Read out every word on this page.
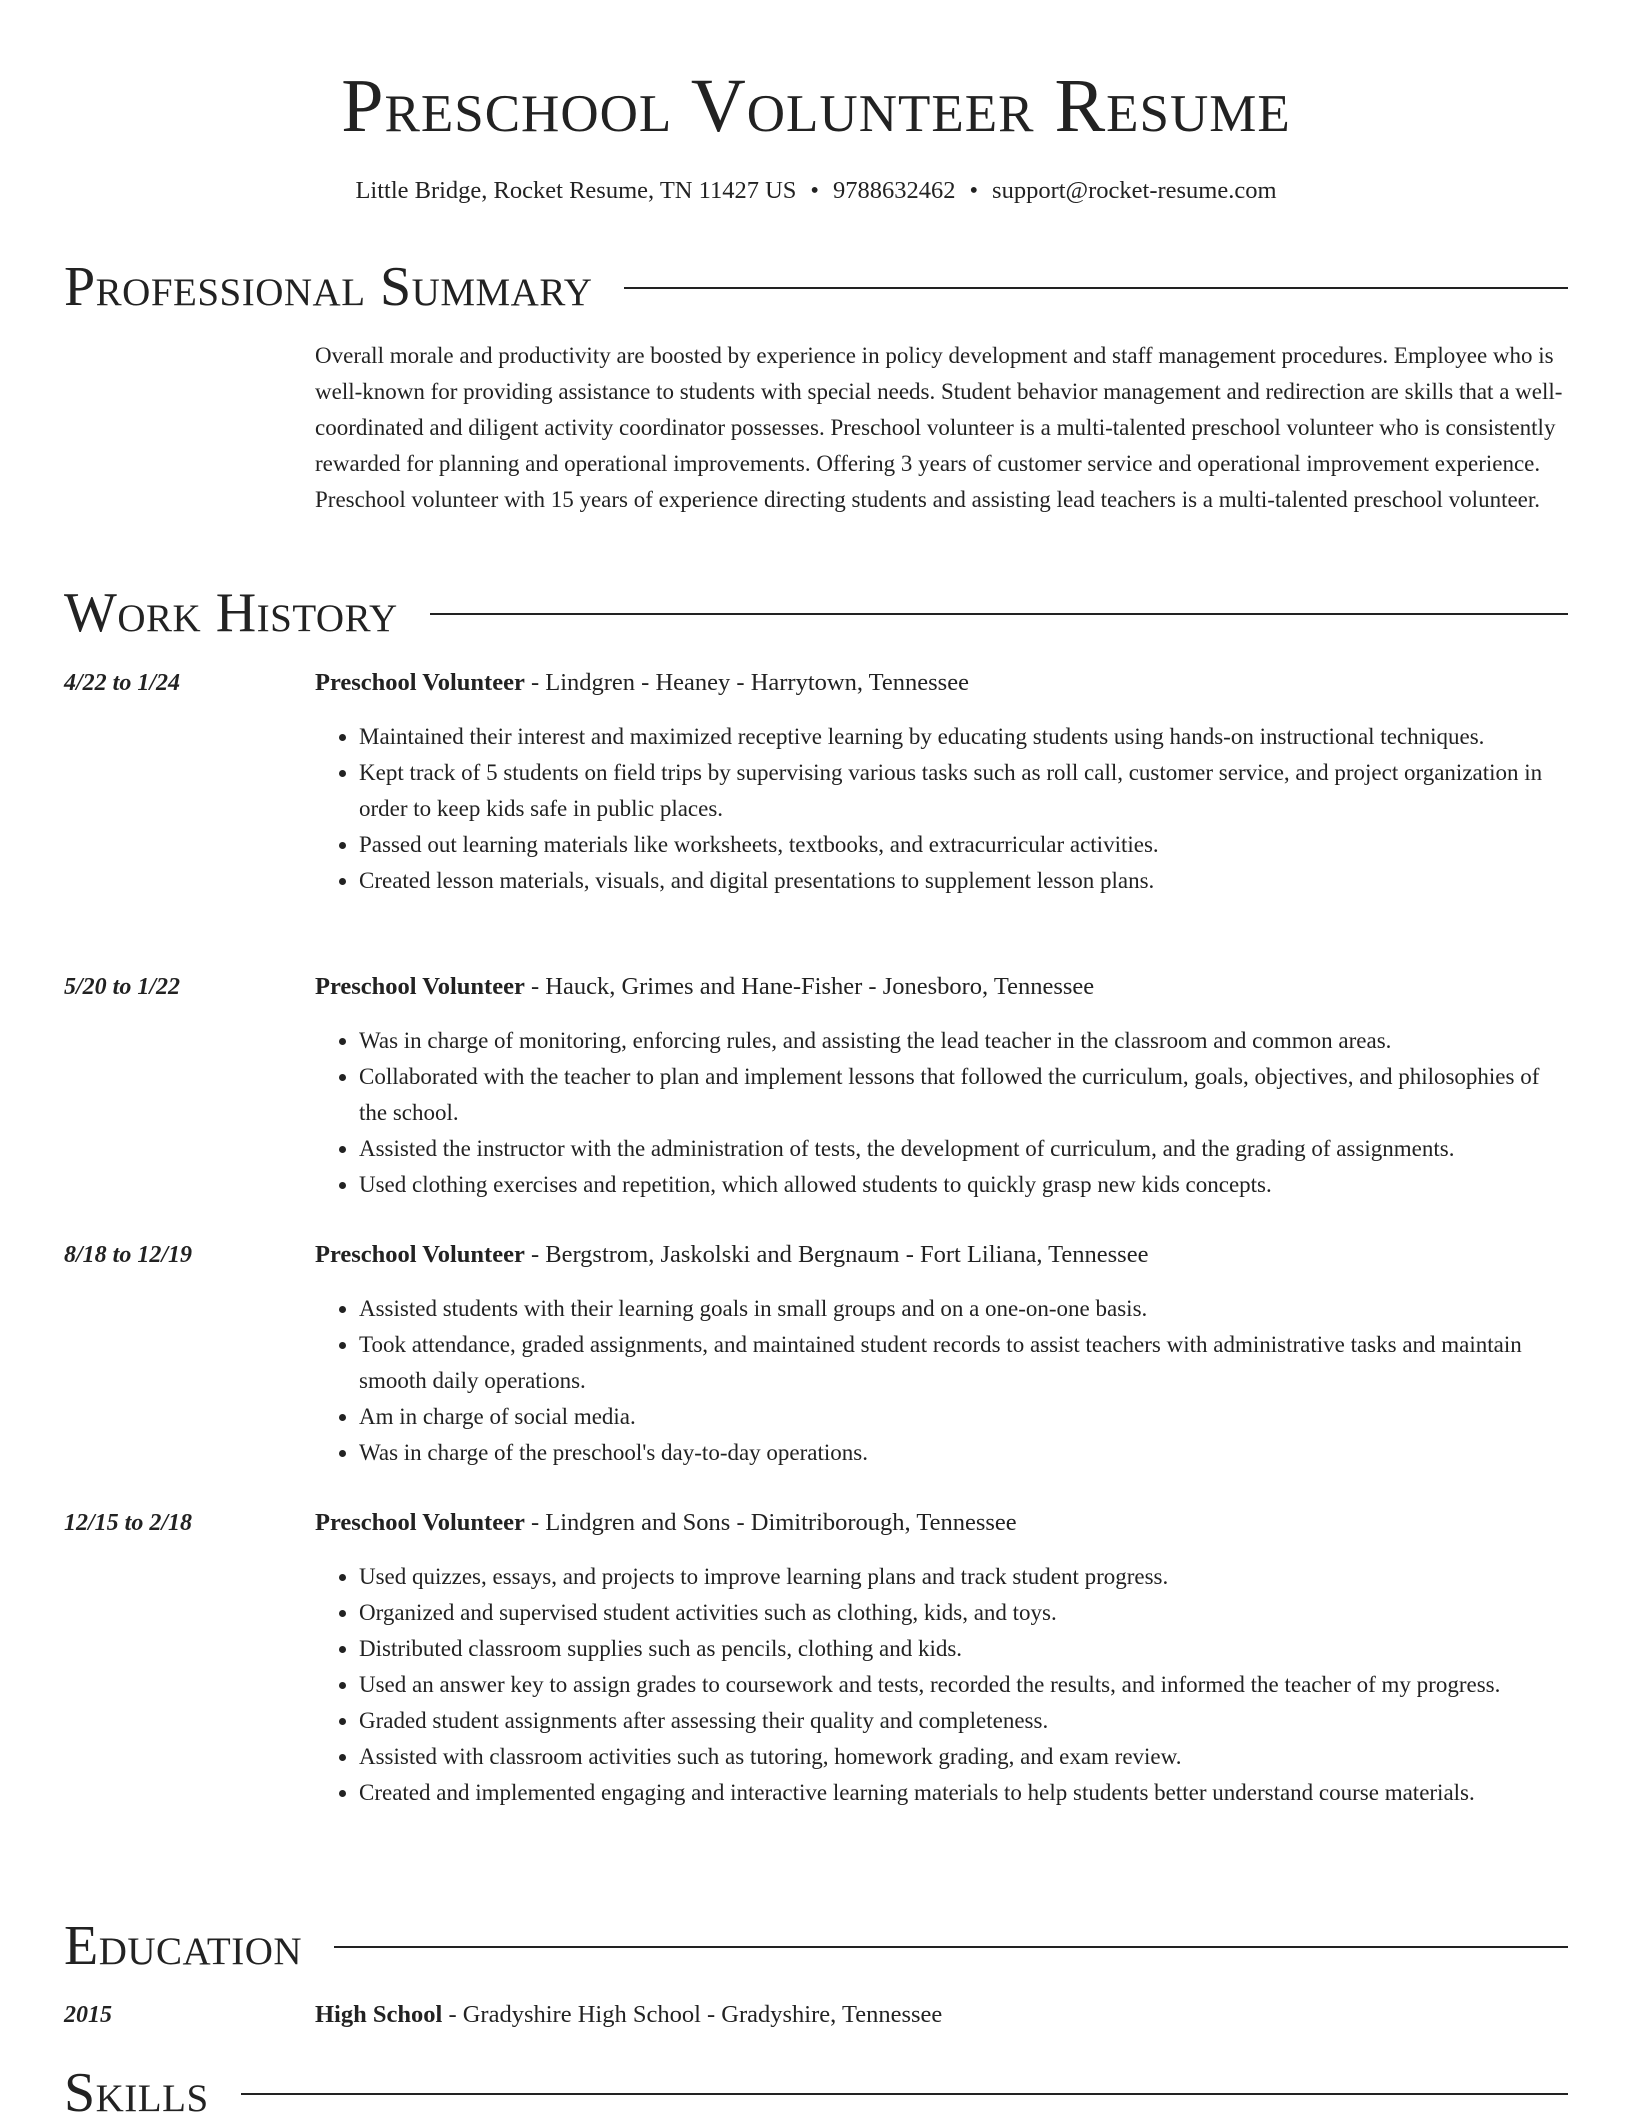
Preschool Volunteer Resume
Little Bridge, Rocket Resume, TN 11427 US • 9788632462 • support@rocket-resume.com
Professional Summary

Overall morale and productivity are boosted by experience in policy development and staff management procedures. Employee who is well-known for providing assistance to students with special needs. Student behavior management and redirection are skills that a well-coordinated and diligent activity coordinator possesses. Preschool volunteer is a multi-talented preschool volunteer who is consistently rewarded for planning and operational improvements. Offering 3 years of customer service and operational improvement experience. Preschool volunteer with 15 years of experience directing students and assisting lead teachers is a multi-talented preschool volunteer.

Work History
4/22 to 1/24	Preschool Volunteer - Lindgren - Heaney - Harrytown, Tennessee
• Maintained their interest and maximized receptive learning by educating students using hands-on instructional techniques.
• Kept track of 5 students on field trips by supervising various tasks such as roll call, customer service, and project organization in order to keep kids safe in public places.
• Passed out learning materials like worksheets, textbooks, and extracurricular activities.
• Created lesson materials, visuals, and digital presentations to supplement lesson plans.
5/20 to 1/22	Preschool Volunteer - Hauck, Grimes and Hane-Fisher - Jonesboro, Tennessee
• Was in charge of monitoring, enforcing rules, and assisting the lead teacher in the classroom and common areas.
• Collaborated with the teacher to plan and implement lessons that followed the curriculum, goals, objectives, and philosophies of the school.
• Assisted the instructor with the administration of tests, the development of curriculum, and the grading of assignments.
• Used clothing exercises and repetition, which allowed students to quickly grasp new kids concepts.
8/18 to 12/19	Preschool Volunteer - Bergstrom, Jaskolski and Bergnaum - Fort Liliana, Tennessee
• Assisted students with their learning goals in small groups and on a one-on-one basis.
• Took attendance, graded assignments, and maintained student records to assist teachers with administrative tasks and maintain smooth daily operations.
• Am in charge of social media.
• Was in charge of the preschool's day-to-day operations.
12/15 to 2/18	Preschool Volunteer - Lindgren and Sons - Dimitriborough, Tennessee
• Used quizzes, essays, and projects to improve learning plans and track student progress.
• Organized and supervised student activities such as clothing, kids, and toys.
• Distributed classroom supplies such as pencils, clothing and kids.
• Used an answer key to assign grades to coursework and tests, recorded the results, and informed the teacher of my progress.
• Graded student assignments after assessing their quality and completeness.
• Assisted with classroom activities such as tutoring, homework grading, and exam review.
• Created and implemented engaging and interactive learning materials to help students better understand course materials.
Education
2015	High School - Gradyshire High School - Gradyshire, Tennessee
Skills
